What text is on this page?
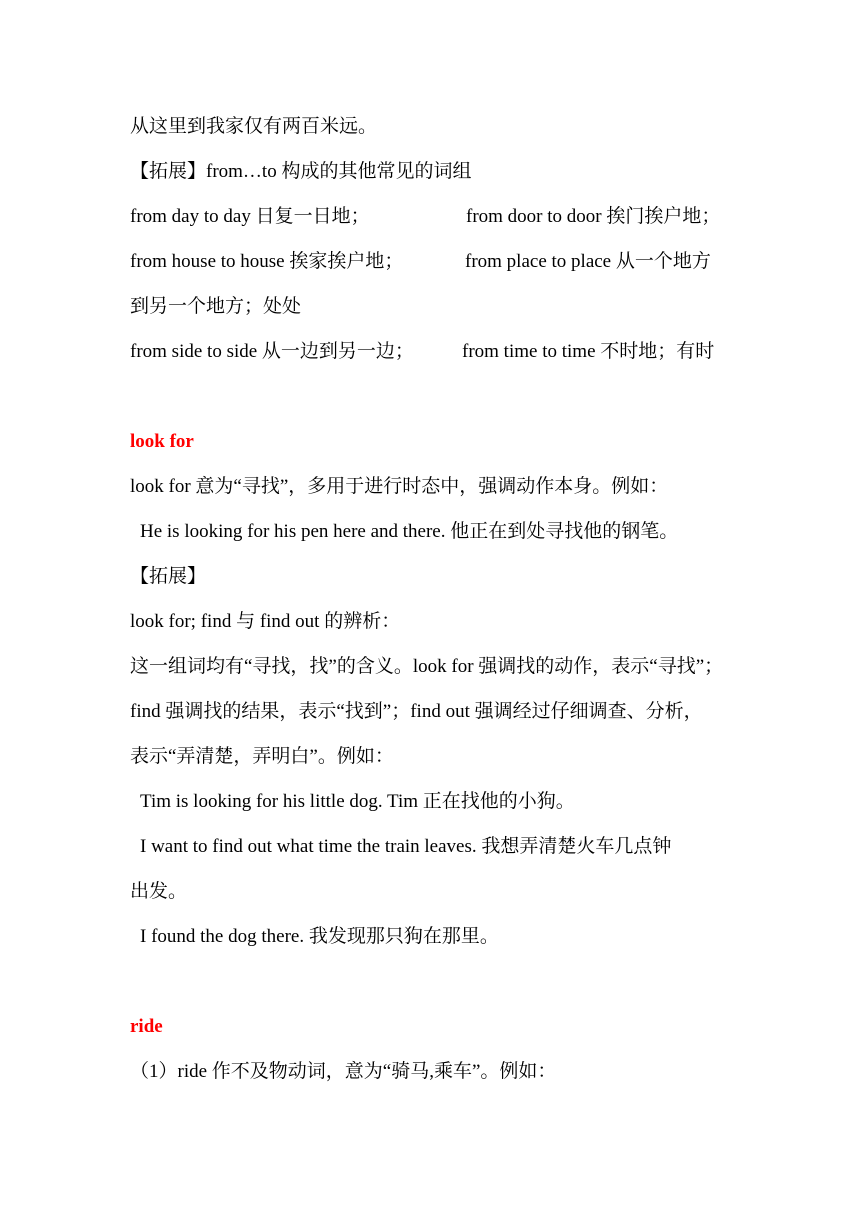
从这里到我家仅有两百米远。
【拓展】from…to 构成的其他常见的词组
from day to day 日复一日地；	from door to door 挨门挨户地；
from house to house 挨家挨户地；	from place to place 从一个地方
到另一个地方；处处
from side to side 从一边到另一边；	from time to time 不时地；有时
look for
look for 意为“寻找”，多用于进行时态中，强调动作本身。例如：
He is looking for his pen here and there. 他正在到处寻找他的钢笔。
【拓展】
look for; find 与 find out 的辨析：
这一组词均有“寻找，找”的含义。look for 强调找的动作，表示“寻找”；
find 强调找的结果，表示“找到”；find out 强调经过仔细调查、分析，
表示“弄清楚，弄明白”。例如：
Tim is looking for his little dog. Tim 正在找他的小狗。
I want to find out what time the train leaves. 我想弄清楚火车几点钟
出发。
I found the dog there. 我发现那只狗在那里。
ride
（1）ride 作不及物动词，意为“骑马,乘车”。例如：
